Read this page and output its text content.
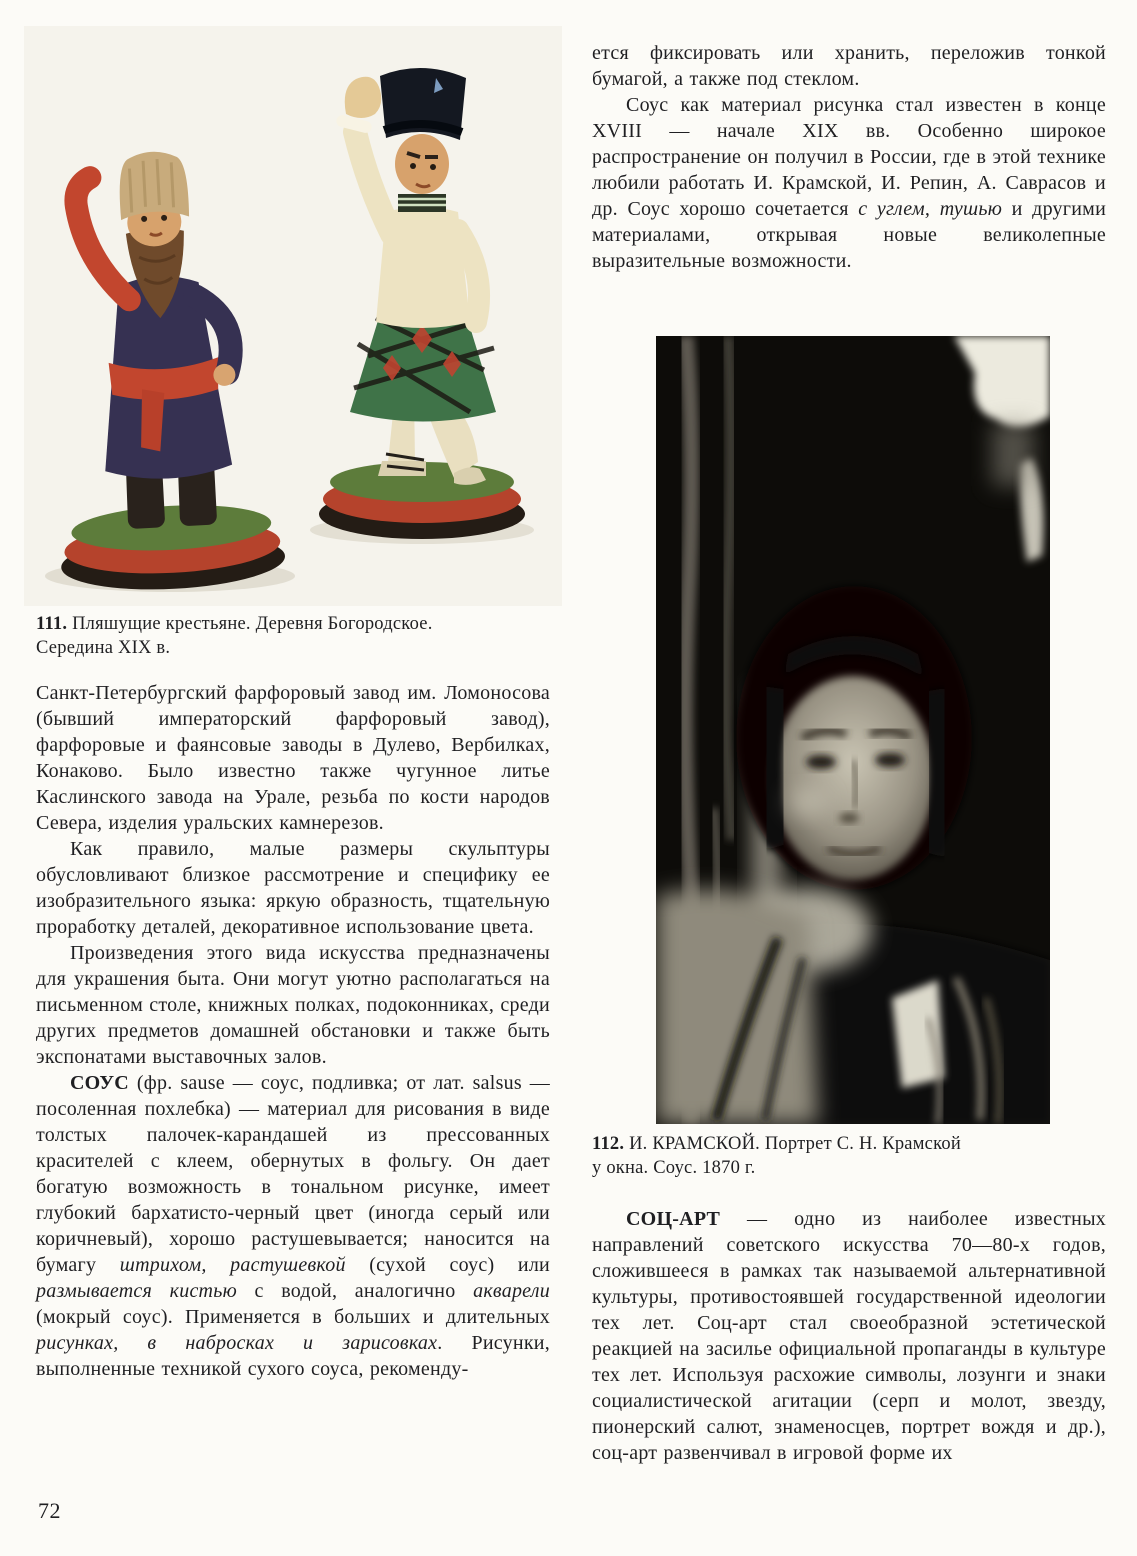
111. Пляшущие крестьяне. Деревня Богородское.
Середина XIX в.

Санкт-Петербургский фарфоровый завод им. Ломоносова (бывший императорский фарфоровый завод), фарфоровые и фаянсовые заводы в Дулево, Вербилках, Конаково. Было известно также чугунное литье Каслинского завода на Урале, резьба по кости народов Севера, изделия уральских камнерезов.

Как правило, малые размеры скульптуры обусловливают близкое рассмотрение и специфику ее изобразительного языка: яркую образность, тщательную проработку деталей, декоративное использование цвета.

Произведения этого вида искусства предназначены для украшения быта. Они могут уютно располагаться на письменном столе, книжных полках, подоконниках, среди других предметов домашней обстановки и также быть экспонатами выставочных залов.

СОУС (фр. sause — соус, подливка; от лат. salsus — посоленная похлебка) — материал для рисования в виде толстых палочек-карандашей из прессованных красителей с клеем, обернутых в фольгу. Он дает богатую возможность в тональном рисунке, имеет глубокий бархатисто-черный цвет (иногда серый или коричневый), хорошо растушевывается; наносится на бумагу штрихом, растушевкой (сухой соус) или размывается кистью с водой, аналогично акварели (мокрый соус). Применяется в больших и длительных рисунках, в набросках и зарисовках. Рисунки, выполненные техникой сухого соуса, рекоменду-

ется фиксировать или хранить, переложив тонкой бумагой, а также под стеклом.

Соус как материал рисунка стал известен в конце XVIII — начале XIX вв. Особенно широкое распространение он получил в России, где в этой технике любили работать И. Крамской, И. Репин, А. Саврасов и др. Соус хорошо сочетается с углем, тушью и другими материалами, открывая новые великолепные выразительные возможности.

112. И. КРАМСКОЙ. Портрет С. Н. Крамской
у окна. Соус. 1870 г.

СОЦ-АРТ — одно из наиболее известных направлений советского искусства 70—80-х годов, сложившееся в рамках так называемой альтернативной культуры, противостоявшей государственной идеологии тех лет. Соц-арт стал своеобразной эстетической реакцией на засилье официальной пропаганды в культуре тех лет. Используя расхожие символы, лозунги и знаки социалистической агитации (серп и молот, звезду, пионерский салют, знаменосцев, портрет вождя и др.), соц-арт развенчивал в игровой форме их

72
